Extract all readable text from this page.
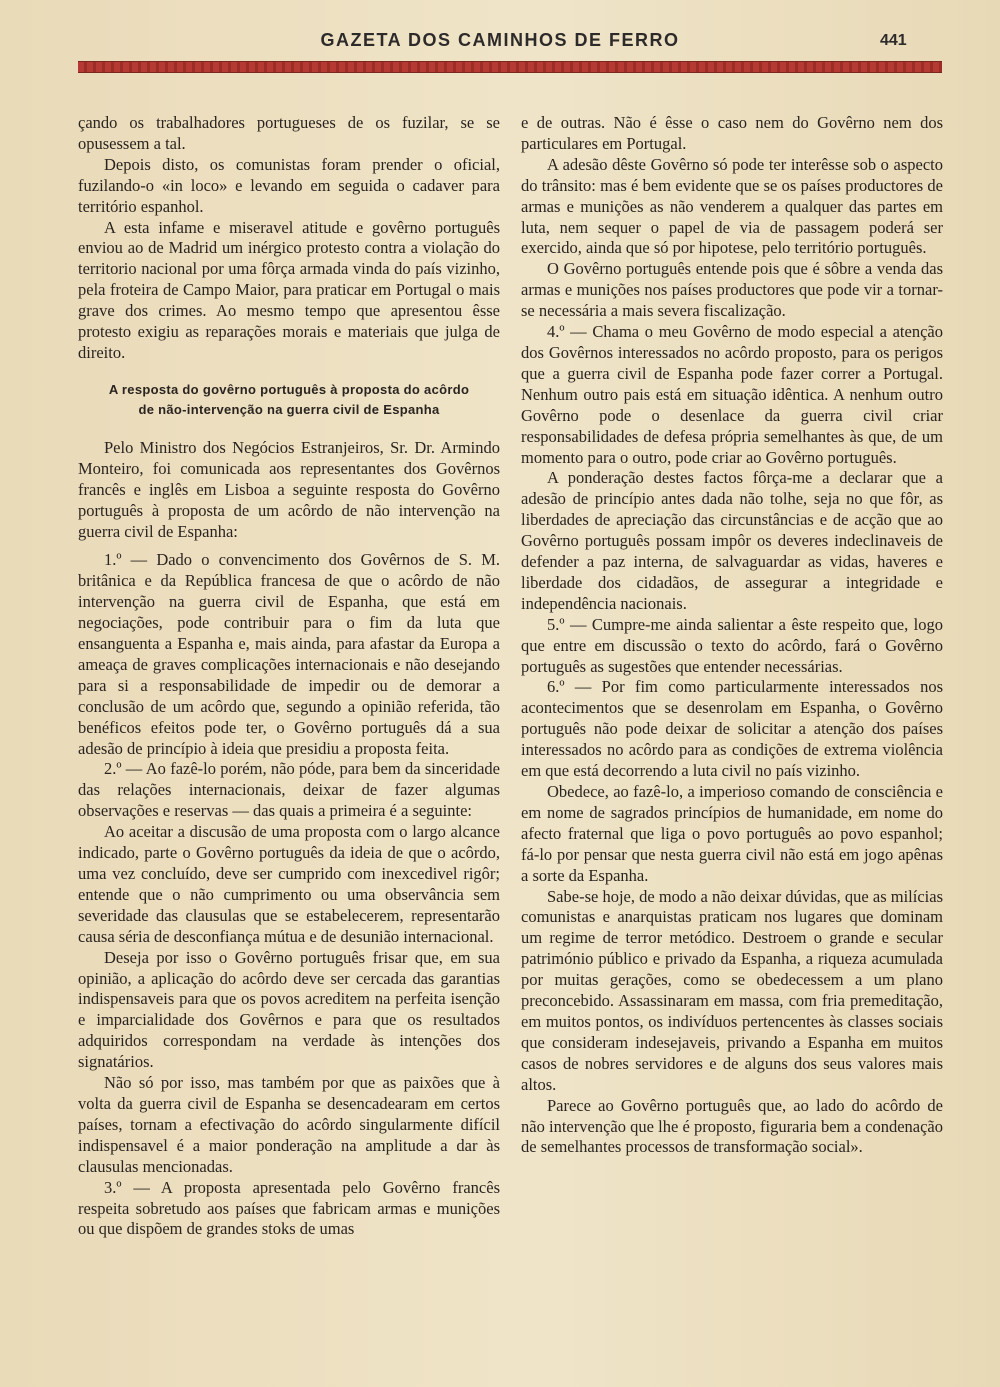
GAZETA DOS CAMINHOS DE FERRO	441

çando os trabalhadores portugueses de os fuzilar, se se opusessem a tal.

Depois disto, os comunistas foram prender o oficial, fuzilando-o «in loco» e levando em seguida o cadaver para território espanhol.

A esta infame e miseravel atitude e govêrno português enviou ao de Madrid um inérgico protesto contra a violação do territorio nacional por uma fôrça armada vinda do país vizinho, pela froteira de Campo Maior, para praticar em Portugal o mais grave dos crimes. Ao mesmo tempo que apresentou êsse protesto exigiu as reparações morais e materiais que julga de direito.

A resposta do govêrno português à proposta do acôrdo
de não-intervenção na guerra civil de Espanha

Pelo Ministro dos Negócios Estranjeiros, Sr. Dr. Armindo Monteiro, foi comunicada aos representantes dos Govêrnos francês e inglês em Lisboa a seguinte resposta do Govêrno português à proposta de um acôrdo de não intervenção na guerra civil de Espanha:

1.º — Dado o convencimento dos Govêrnos de S. M. britânica e da República francesa de que o acôrdo de não intervenção na guerra civil de Espanha, que está em negociações, pode contribuir para o fim da luta que ensanguenta a Espanha e, mais ainda, para afastar da Europa a ameaça de graves complicações internacionais e não desejando para si a responsabilidade de impedir ou de demorar a conclusão de um acôrdo que, segundo a opinião referida, tão benéficos efeitos pode ter, o Govêrno português dá a sua adesão de princípio à ideia que presidiu a proposta feita.

2.º — Ao fazê-lo porém, não póde, para bem da sinceridade das relações internacionais, deixar de fazer algumas observações e reservas — das quais a primeira é a seguinte:

Ao aceitar a discusão de uma proposta com o largo alcance indicado, parte o Govêrno português da ideia de que o acôrdo, uma vez concluído, deve ser cumprido com inexcedivel rigôr; entende que o não cumprimento ou uma observância sem severidade das clausulas que se estabelecerem, representarão causa séria de desconfiança mútua e de desunião internacional.

Deseja por isso o Govêrno português frisar que, em sua opinião, a aplicação do acôrdo deve ser cercada das garantias indispensaveis para que os povos acreditem na perfeita isenção e imparcialidade dos Govêrnos e para que os resultados adquiridos correspondam na verdade às intenções dos signatários.

Não só por isso, mas também por que as paixões que à volta da guerra civil de Espanha se desencadearam em certos países, tornam a efectivação do acôrdo singularmente difícil indispensavel é a maior ponderação na amplitude a dar às clausulas mencionadas.

3.º — A proposta apresentada pelo Govêrno francês respeita sobretudo aos países que fabricam armas e munições ou que dispõem de grandes stoks de umas

e de outras. Não é êsse o caso nem do Govêrno nem dos particulares em Portugal.

A adesão dêste Govêrno só pode ter interêsse sob o aspecto do trânsito: mas é bem evidente que se os países productores de armas e munições as não venderem a qualquer das partes em luta, nem sequer o papel de via de passagem poderá ser exercido, ainda que só por hipotese, pelo território português.

O Govêrno português entende pois que é sôbre a venda das armas e munições nos países productores que pode vir a tornar-se necessária a mais severa fiscalização.

4.º — Chama o meu Govêrno de modo especial a atenção dos Govêrnos interessados no acôrdo proposto, para os perigos que a guerra civil de Espanha pode fazer correr a Portugal. Nenhum outro pais está em situação idêntica. A nenhum outro Govêrno pode o desenlace da guerra civil criar responsabilidades de defesa própria semelhantes às que, de um momento para o outro, pode criar ao Govêrno português.

A ponderação destes factos fôrça-me a declarar que a adesão de princípio antes dada não tolhe, seja no que fôr, as liberdades de apreciação das circunstâncias e de acção que ao Govêrno português possam impôr os deveres indeclinaveis de defender a paz interna, de salvaguardar as vidas, haveres e liberdade dos cidadãos, de assegurar a integridade e independência nacionais.

5.º — Cumpre-me ainda salientar a êste respeito que, logo que entre em discussão o texto do acôrdo, fará o Govêrno português as sugestões que entender necessárias.

6.º — Por fim como particularmente interessados nos acontecimentos que se desenrolam em Espanha, o Govêrno português não pode deixar de solicitar a atenção dos países interessados no acôrdo para as condições de extrema violência em que está decorrendo a luta civil no país vizinho.

Obedece, ao fazê-lo, a imperioso comando de consciência e em nome de sagrados princípios de humanidade, em nome do afecto fraternal que liga o povo português ao povo espanhol; fá-lo por pensar que nesta guerra civil não está em jogo apênas a sorte da Espanha.

Sabe-se hoje, de modo a não deixar dúvidas, que as milícias comunistas e anarquistas praticam nos lugares que dominam um regime de terror metódico. Destroem o grande e secular património público e privado da Espanha, a riqueza acumulada por muitas gerações, como se obedecessem a um plano preconcebido. Assassinaram em massa, com fria premeditação, em muitos pontos, os indivíduos pertencentes às classes sociais que consideram indesejaveis, privando a Espanha em muitos casos de nobres servidores e de alguns dos seus valores mais altos.

Parece ao Govêrno português que, ao lado do acôrdo de não intervenção que lhe é proposto, figuraria bem a condenação de semelhantes processos de transformação social».
